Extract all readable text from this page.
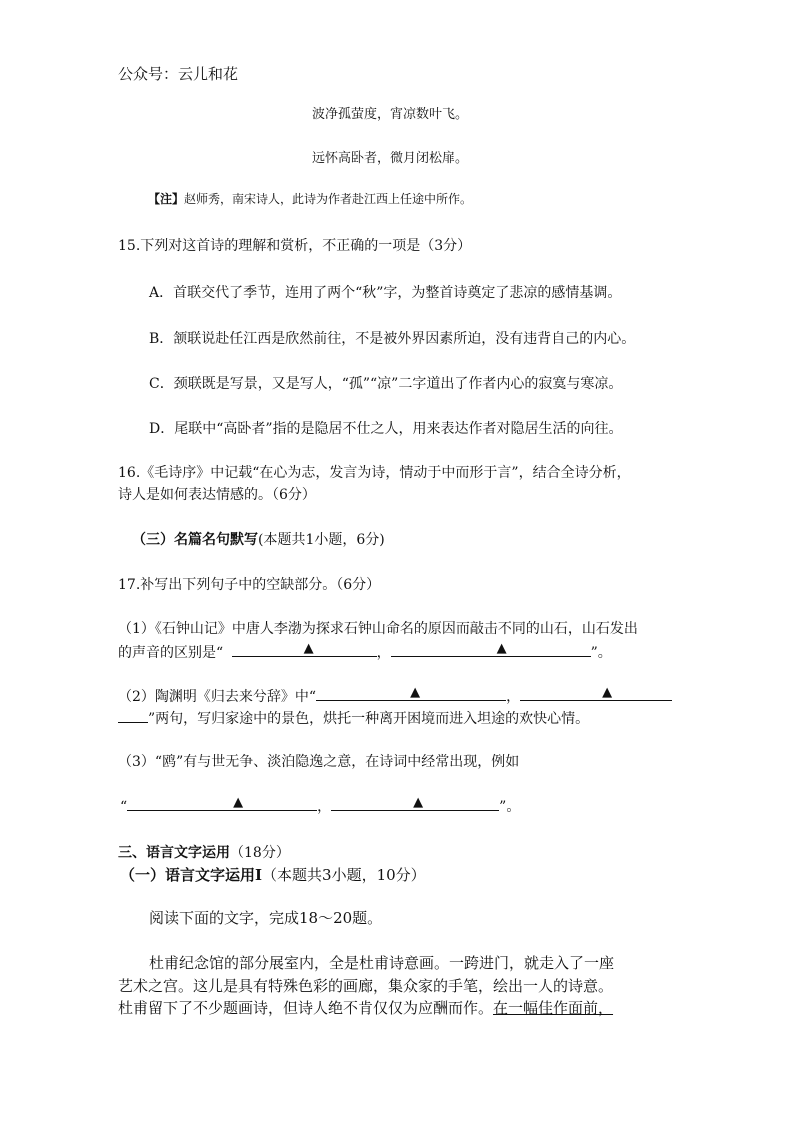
公众号：云儿和花
波净孤萤度，宵凉数叶飞。
远怀高卧者，微月闭松扉。
【注】赵师秀，南宋诗人，此诗为作者赴江西上任途中所作。
15.下列对这首诗的理解和赏析，不正确的一项是（3分）
A．首联交代了季节，连用了两个“秋”字，为整首诗奠定了悲凉的感情基调。
B．颔联说赴任江西是欣然前往，不是被外界因素所迫，没有违背自己的内心。
C．颈联既是写景，又是写人，“孤”“凉”二字道出了作者内心的寂寞与寒凉。
D．尾联中“高卧者”指的是隐居不仕之人，用来表达作者对隐居生活的向往。
16.《毛诗序》中记载“在心为志，发言为诗，情动于中而形于言”，结合全诗分析，
诗人是如何表达情感的。（6分）
（三）名篇名句默写(本题共1小题，6分)
17.补写出下列句子中的空缺部分。（6分）
（1）《石钟山记》中唐人李渤为探求石钟山命名的原因而敲击不同的山石，山石发出
的声音的区别是“	▲	，	▲	”。
（2）陶渊明《归去来兮辞》中“	▲	，	▲
”两句，写归家途中的景色，烘托一种离开困境而进入坦途的欢快心情。
（3）“鸥”有与世无争、淡泊隐逸之意，在诗词中经常出现，例如
“	▲	，	▲	”。
三、语言文字运用（18分）
（一）语言文字运用Ⅰ（本题共3小题，10分）
阅读下面的文字，完成18～20题。
杜甫纪念馆的部分展室内，全是杜甫诗意画。一跨进门，就走入了一座
艺术之宫。这儿是具有特殊色彩的画廊，集众家的手笔，绘出一人的诗意。
杜甫留下了不少题画诗，但诗人绝不肯仅仅为应酬而作。在一幅佳作面前，
